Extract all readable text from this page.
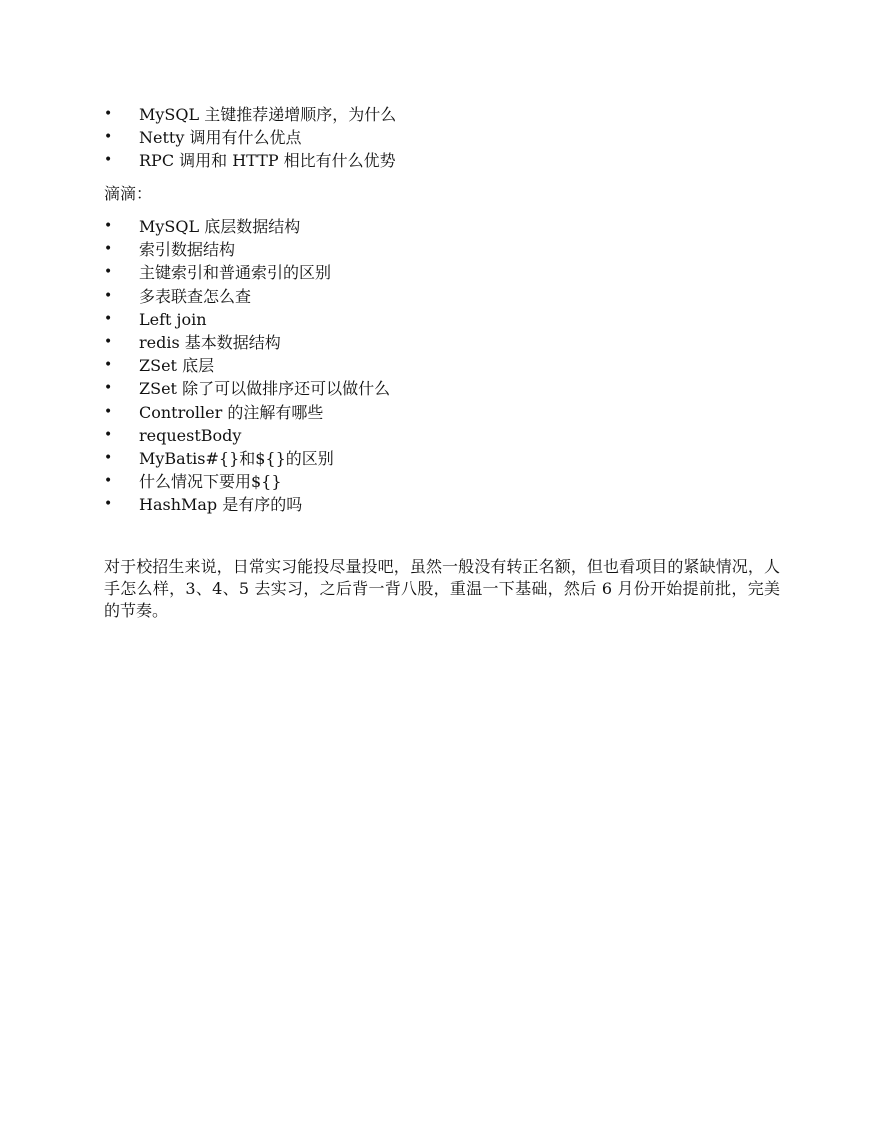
• MySQL 主键推荐递增顺序，为什么
• Netty 调用有什么优点
• RPC 调用和 HTTP 相比有什么优势

滴滴：

• MySQL 底层数据结构
• 索引数据结构
• 主键索引和普通索引的区别
• 多表联查怎么查
• Left join
• redis 基本数据结构
• ZSet 底层
• ZSet 除了可以做排序还可以做什么
• Controller 的注解有哪些
• requestBody
• MyBatis#{}和${}的区别
• 什么情况下要用${}
• HashMap 是有序的吗

对于校招生来说，日常实习能投尽量投吧，虽然一般没有转正名额，但也看项目的紧缺情况，人手怎么样，3、4、5 去实习，之后背一背八股，重温一下基础，然后 6 月份开始提前批，完美的节奏。
